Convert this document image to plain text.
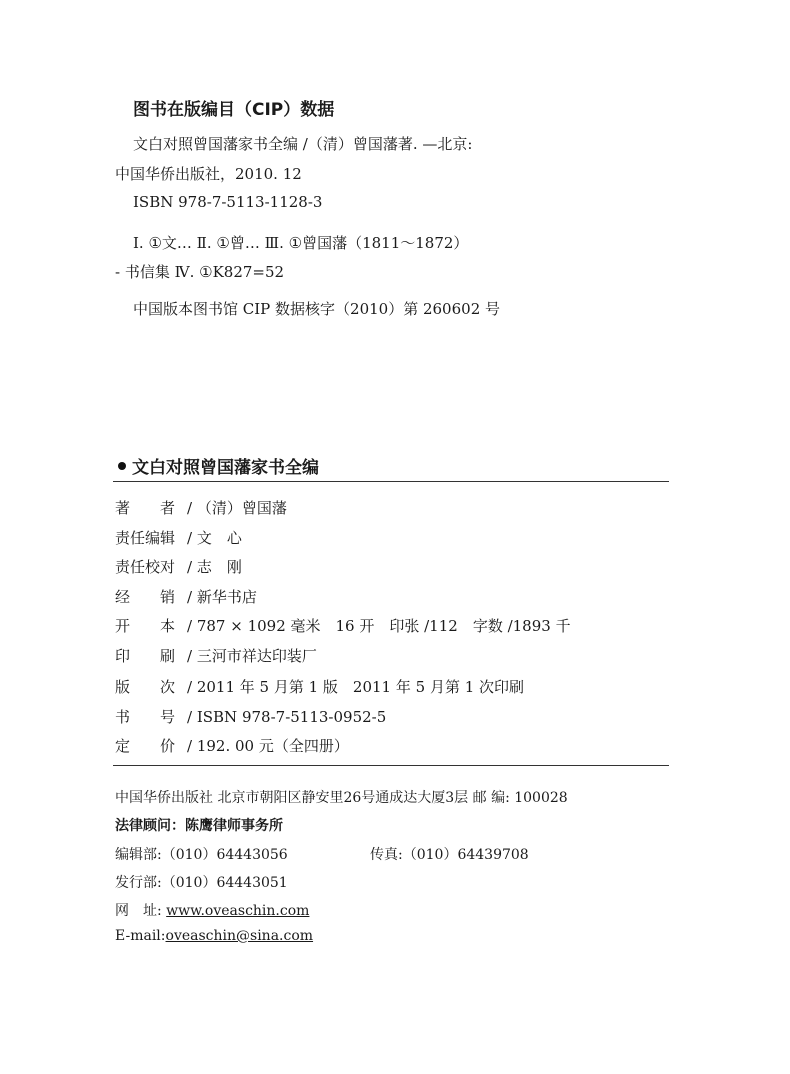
图书在版编目（CIP）数据
文白对照曾国藩家书全编 /（清）曾国藩著. —北京:
中国华侨出版社，2010. 12
ISBN 978-7-5113-1128-3
Ⅰ. ①文… Ⅱ. ①曾… Ⅲ. ①曾国藩（1811～1872）
- 书信集 Ⅳ. ①K827=52
中国版本图书馆 CIP 数据核字（2010）第 260602 号
文白对照曾国藩家书全编
著　　者 / （清）曾国藩
责任编辑 / 文　心
责任校对 / 志　刚
经　　销 / 新华书店
开　　本 / 787 × 1092 毫米　16 开　印张 /112　字数 /1893 千
印　　刷 / 三河市祥达印装厂
版　　次 / 2011 年 5 月第 1 版　2011 年 5 月第 1 次印刷
书　　号 / ISBN 978-7-5113-0952-5
定　　价 / 192. 00 元（全四册）
中国华侨出版社 北京市朝阳区静安里26号通成达大厦3层 邮 编: 100028
法律顾问：陈鹰律师事务所
编辑部:（010）64443056	传真:（010）64439708
发行部:（010）64443051
网　址: www.oveaschin.com
E-mail:oveaschin@sina.com
